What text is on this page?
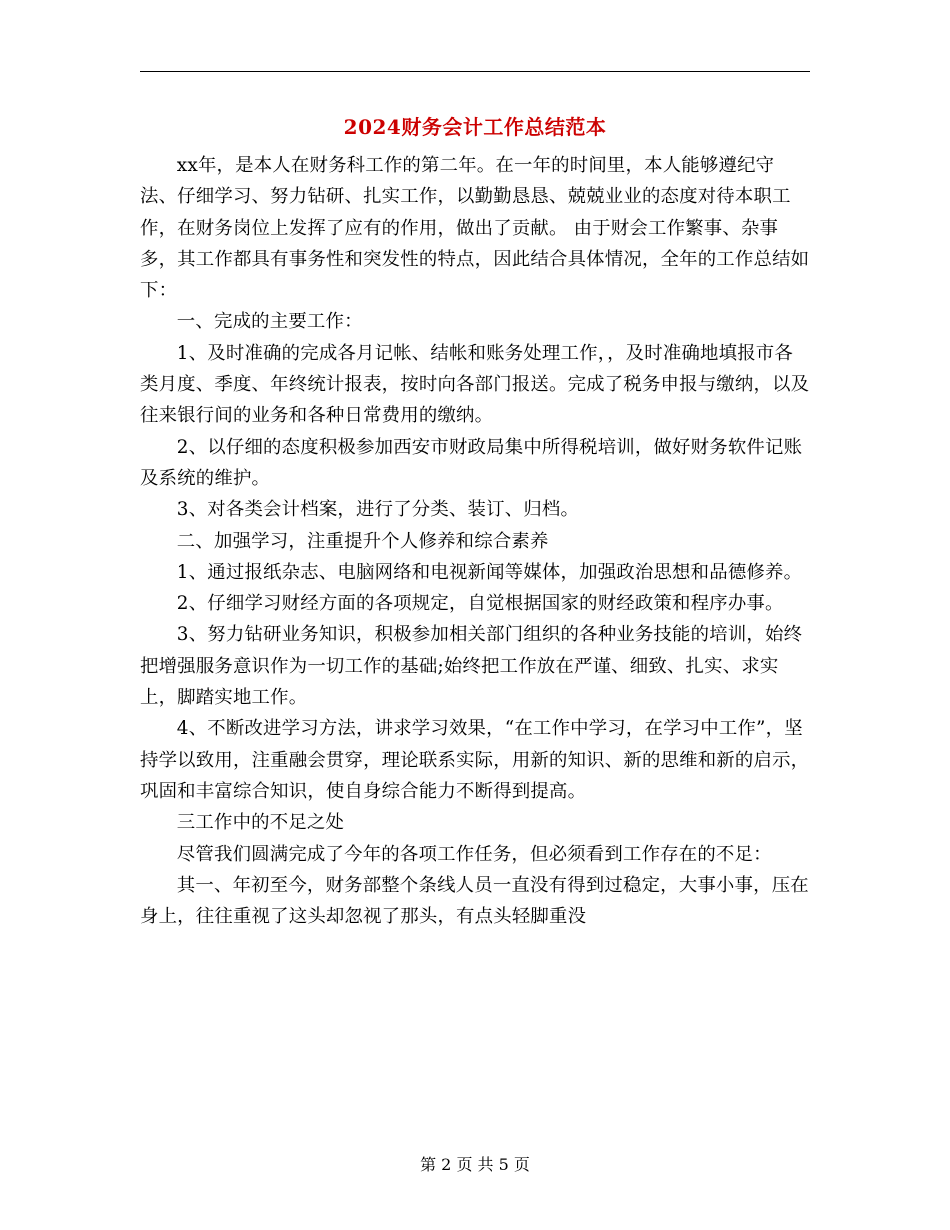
2024财务会计工作总结范本

xx年，是本人在财务科工作的第二年。在一年的时间里，本人能够遵纪守法、仔细学习、努力钻研、扎实工作，以勤勤恳恳、兢兢业业的态度对待本职工作，在财务岗位上发挥了应有的作用，做出了贡献。 由于财会工作繁事、杂事多，其工作都具有事务性和突发性的特点，因此结合具体情况，全年的工作总结如下：

一、完成的主要工作：

1、及时准确的完成各月记帐、结帐和账务处理工作，，及时准确地填报市各类月度、季度、年终统计报表，按时向各部门报送。完成了税务申报与缴纳，以及往来银行间的业务和各种日常费用的缴纳。

2、以仔细的态度积极参加西安市财政局集中所得税培训，做好财务软件记账及系统的维护。

3、对各类会计档案，进行了分类、装订、归档。

二、加强学习，注重提升个人修养和综合素养

1、通过报纸杂志、电脑网络和电视新闻等媒体，加强政治思想和品德修养。

2、仔细学习财经方面的各项规定，自觉根据国家的财经政策和程序办事。

3、努力钻研业务知识，积极参加相关部门组织的各种业务技能的培训，始终把增强服务意识作为一切工作的基础;始终把工作放在严谨、细致、扎实、求实上，脚踏实地工作。

4、不断改进学习方法，讲求学习效果，“在工作中学习，在学习中工作”，坚持学以致用，注重融会贯穿，理论联系实际，用新的知识、新的思维和新的启示，巩固和丰富综合知识，使自身综合能力不断得到提高。

三工作中的不足之处

尽管我们圆满完成了今年的各项工作任务，但必须看到工作存在的不足：

其一、年初至今，财务部整个条线人员一直没有得到过稳定，大事小事，压在身上，往往重视了这头却忽视了那头，有点头轻脚重没

第 2 页 共 5 页
